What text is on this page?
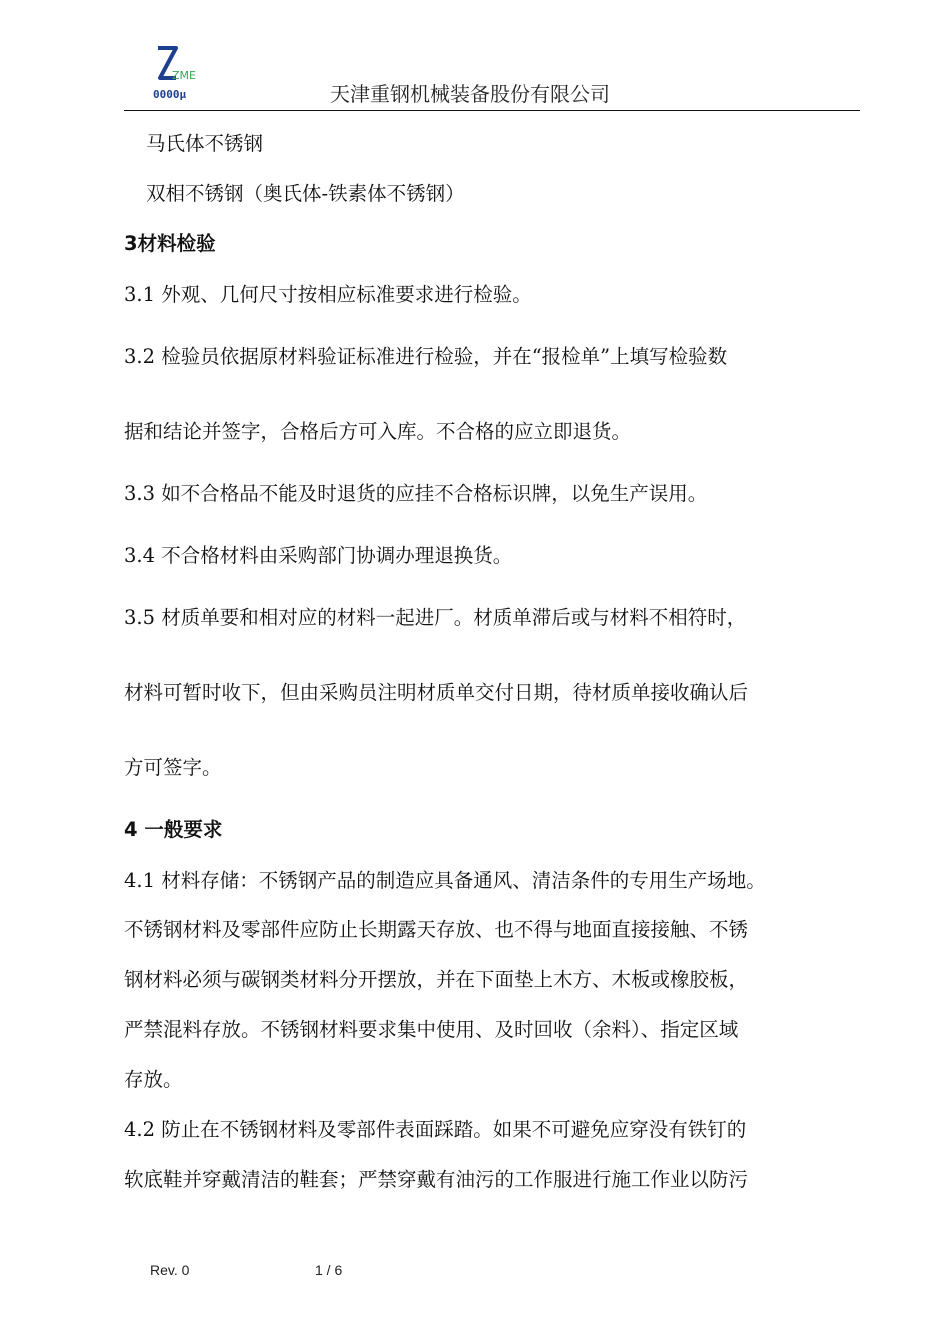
ZME
0000μ	天津重钢机械装备股份有限公司
马氏体不锈钢
双相不锈钢（奥氏体-铁素体不锈钢）
3材料检验
3.1 外观、几何尺寸按相应标准要求进行检验。
3.2 检验员依据原材料验证标准进行检验，并在“报检单”上填写检验数
据和结论并签字，合格后方可入库。不合格的应立即退货。
3.3 如不合格品不能及时退货的应挂不合格标识牌，以免生产误用。
3.4 不合格材料由采购部门协调办理退换货。
3.5 材质单要和相对应的材料一起进厂。材质单滞后或与材料不相符时，
材料可暂时收下，但由采购员注明材质单交付日期，待材质单接收确认后
方可签字。
4 一般要求
4.1 材料存储：不锈钢产品的制造应具备通风、清洁条件的专用生产场地。
不锈钢材料及零部件应防止长期露天存放、也不得与地面直接接触、不锈
钢材料必须与碳钢类材料分开摆放，并在下面垫上木方、木板或橡胶板，
严禁混料存放。不锈钢材料要求集中使用、及时回收（余料）、指定区域
存放。
4.2 防止在不锈钢材料及零部件表面踩踏。如果不可避免应穿没有铁钉的
软底鞋并穿戴清洁的鞋套；严禁穿戴有油污的工作服进行施工作业以防污
Rev. 0	1 / 6
